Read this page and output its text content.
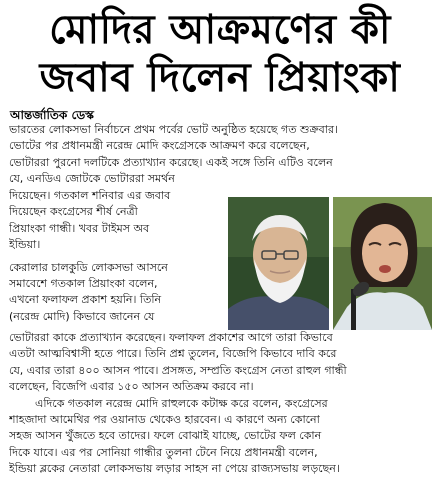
মোদির আক্রমণের কী
জবাব দিলেন প্রিয়াংকা
আন্তর্জাতিক ডেস্ক
ভারতের লোকসভা নির্বাচনে প্রথম পর্বের ভোট অনুষ্ঠিত হয়েছে গত শুক্রবার।
ভোটের পর প্রধানমন্ত্রী নরেন্দ্র মোদি কংগ্রেসকে আক্রমণ করে বলেছেন,
ভোটাররা পুরনো দলটিকে প্রত্যাখ্যান করেছে। একই সঙ্গে তিনি এটিও বলেন
যে, এনডিএ জোটকে ভোটাররা সমর্থন
দিয়েছেন। গতকাল শনিবার এর জবাব
দিয়েছেন কংগ্রেসের শীর্ষ নেত্রী
প্রিয়াংকা গান্ধী। খবর টাইমস অব
ইন্ডিয়া।
কেরালার চালকুডি লোকসভা আসনে
সমাবেশে গতকাল প্রিয়াংকা বলেন,
এখনো ফলাফল প্রকাশ হয়নি। তিনি
(নরেন্দ্র মোদি) কিভাবে জানেন যে
ভোটাররা কাকে প্রত্যাখ্যান করেছেন। ফলাফল প্রকাশের আগে তারা কিভাবে
এতটা আত্মবিশ্বাসী হতে পারে। তিনি প্রশ্ন তুলেন, বিজেপি কিভাবে দাবি করে
যে, এবার তারা ৪০০ আসন পাবে। প্রসঙ্গত, সম্প্রতি কংগ্রেস নেতা রাহুল গান্ধী
বলেছেন, বিজেপি এবার ১৫০ আসন অতিক্রম করবে না।
এদিকে গতকাল নরেন্দ্র মোদি রাহুলকে কটাক্ষ করে বলেন, কংগ্রেসের
শাহজাদা আমেথির পর ওয়ানাড থেকেও হারবেন। এ কারণে অন্য কোনো
সহজ আসন খুঁজতে হবে তাদের। ফলে বোঝাই যাচ্ছে, ভোটের ফল কোন
দিকে যাবে। এর পর সোনিয়া গান্ধীর তুলনা টেনে নিয়ে প্রধানমন্ত্রী বলেন,
ইন্ডিয়া ব্লকের নেতারা লোকসভায় লড়ার সাহস না পেয়ে রাজ্যসভায় লড়ছেন।
